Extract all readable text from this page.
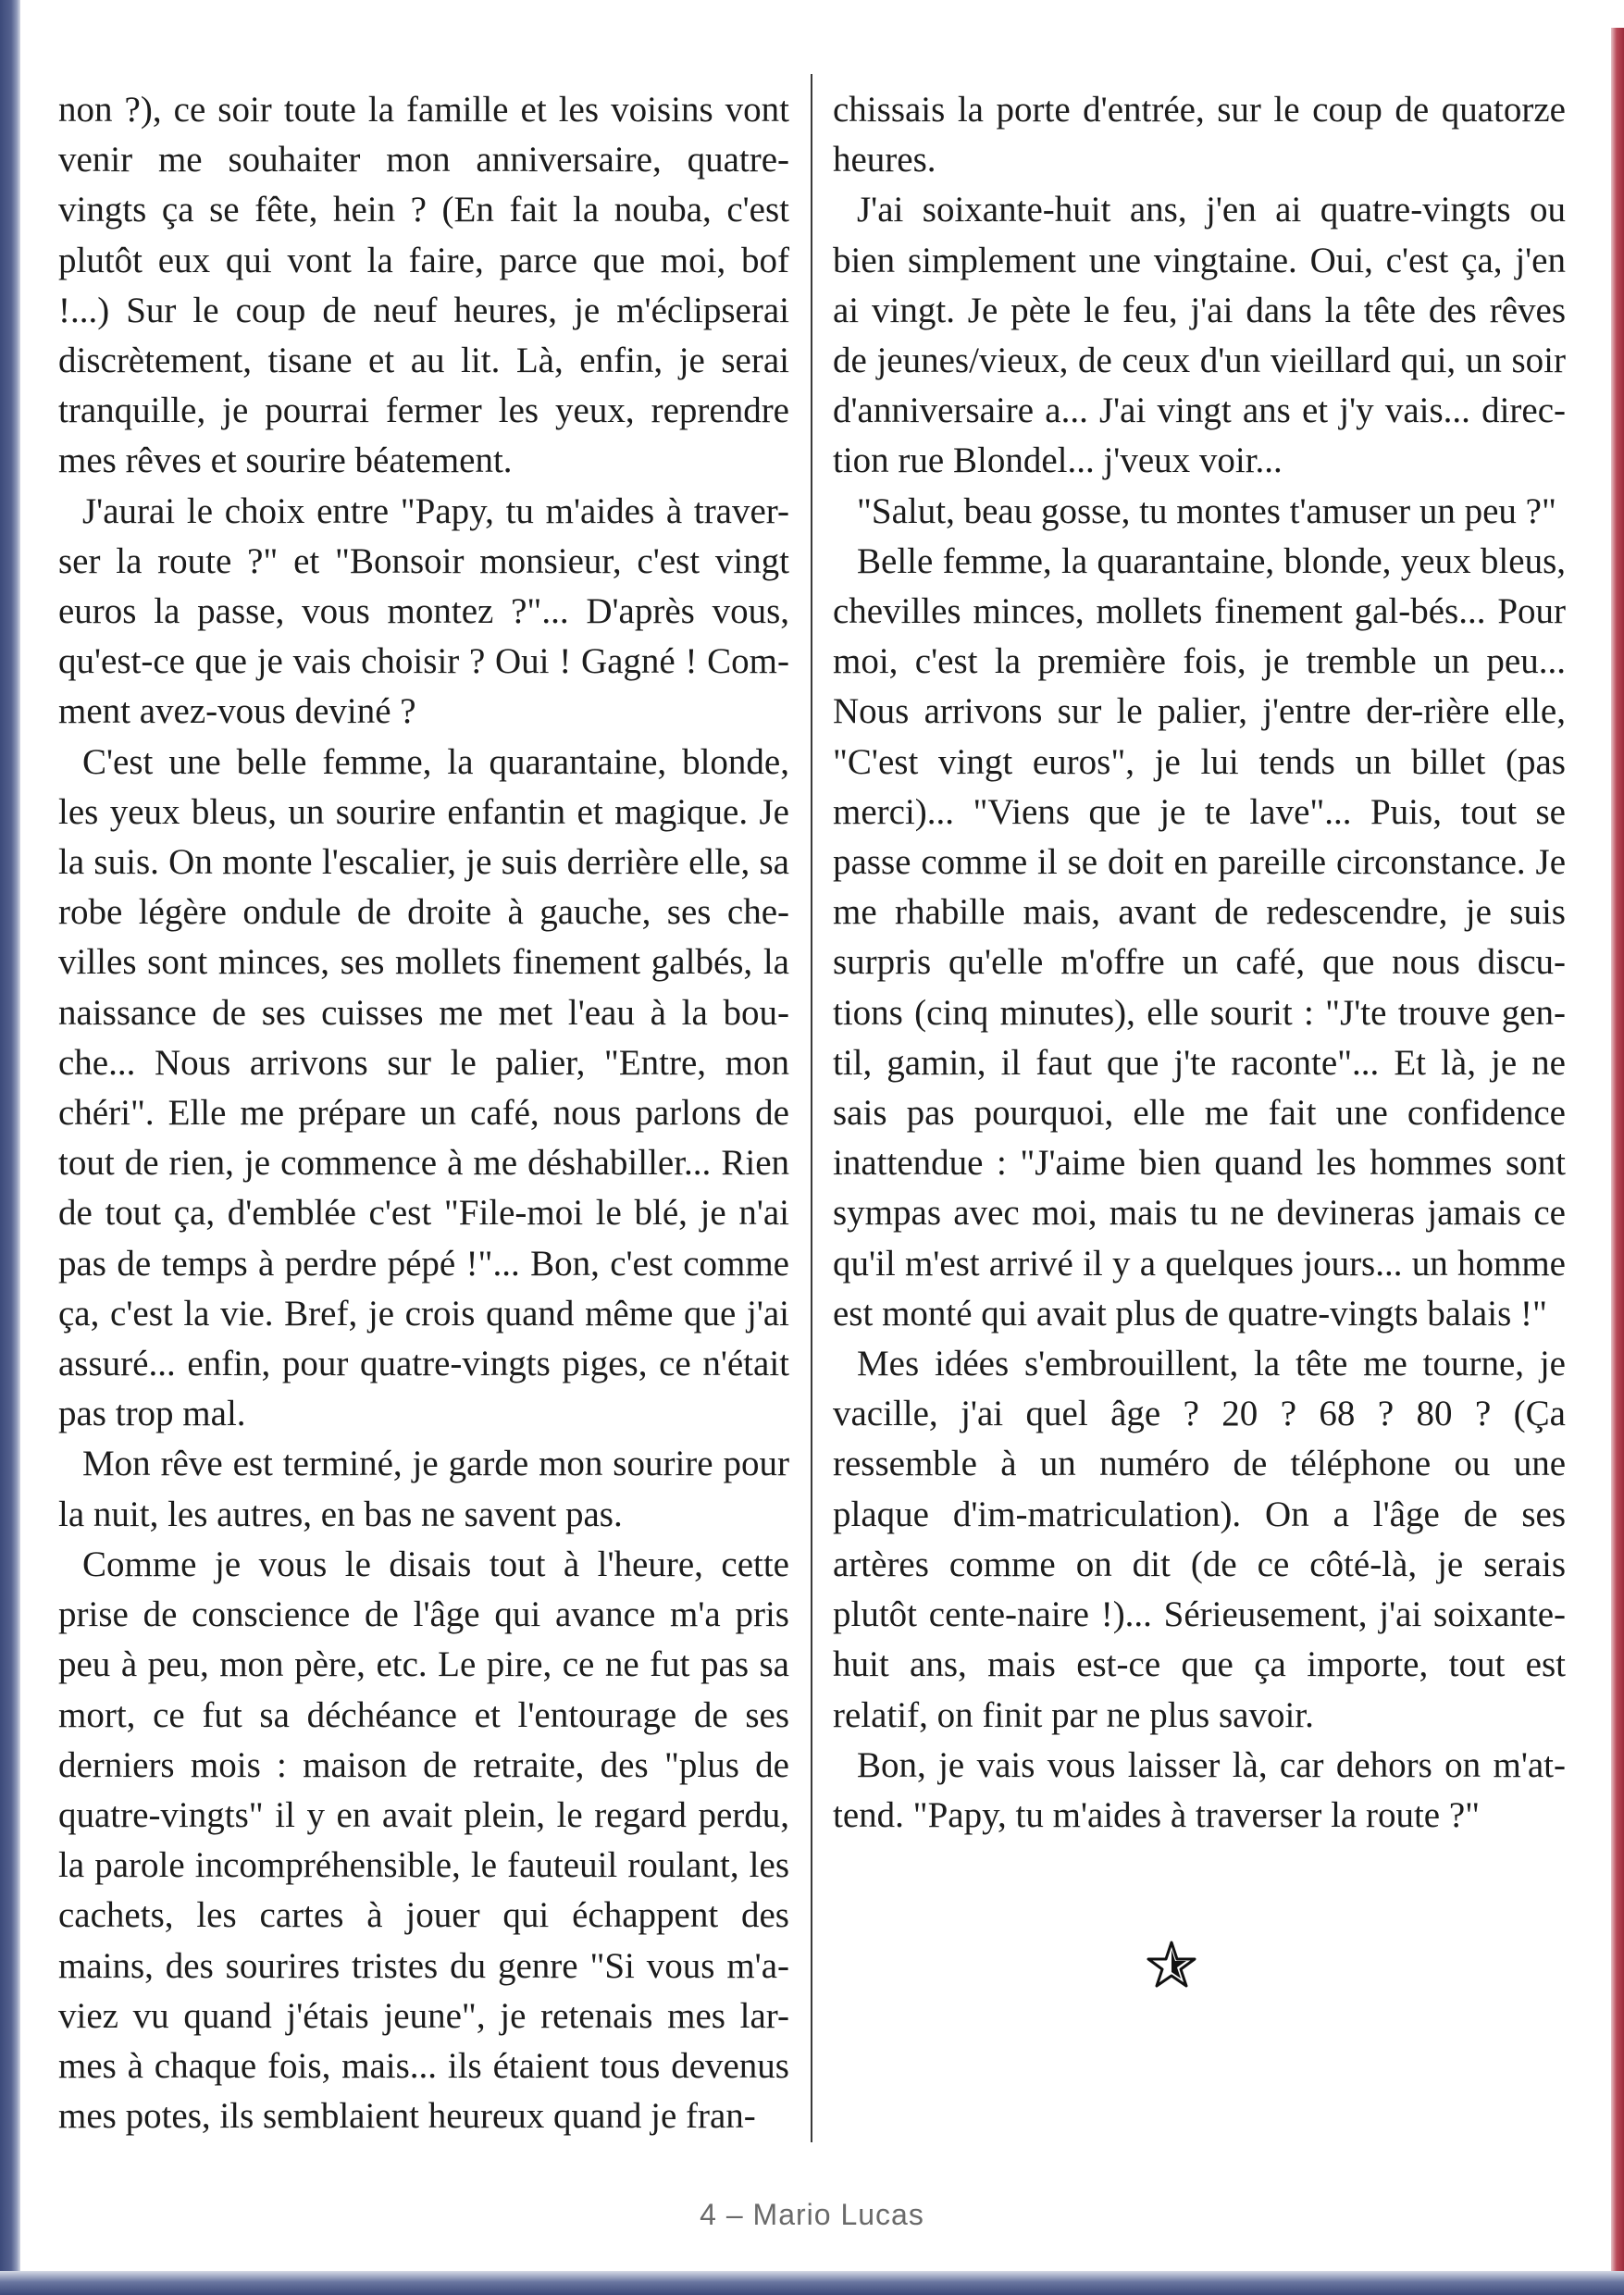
non ?), ce soir toute la famille et les voisins vont venir me souhaiter mon anniversaire, quatre-vingts ça se fête, hein ? (En fait la nouba, c'est plutôt eux qui vont la faire, parce que moi, bof !...) Sur le coup de neuf heures, je m'éclipserai discrètement, tisane et au lit. Là, enfin, je serai tranquille, je pourrai fermer les yeux, reprendre mes rêves et sourire béatement.

J'aurai le choix entre "Papy, tu m'aides à traver-ser la route ?" et "Bonsoir monsieur, c'est vingt euros la passe, vous montez ?"... D'après vous, qu'est-ce que je vais choisir ? Oui ! Gagné ! Com-ment avez-vous deviné ?

C'est une belle femme, la quarantaine, blonde, les yeux bleus, un sourire enfantin et magique. Je la suis. On monte l'escalier, je suis derrière elle, sa robe légère ondule de droite à gauche, ses che-villes sont minces, ses mollets finement galbés, la naissance de ses cuisses me met l'eau à la bou-che... Nous arrivons sur le palier, "Entre, mon chéri". Elle me prépare un café, nous parlons de tout de rien, je commence à me déshabiller... Rien de tout ça, d'emblée c'est "File-moi le blé, je n'ai pas de temps à perdre pépé !"... Bon, c'est comme ça, c'est la vie. Bref, je crois quand même que j'ai assuré... enfin, pour quatre-vingts piges, ce n'était pas trop mal.

Mon rêve est terminé, je garde mon sourire pour la nuit, les autres, en bas ne savent pas.

Comme je vous le disais tout à l'heure, cette prise de conscience de l'âge qui avance m'a pris peu à peu, mon père, etc. Le pire, ce ne fut pas sa mort, ce fut sa déchéance et l'entourage de ses derniers mois : maison de retraite, des "plus de quatre-vingts" il y en avait plein, le regard perdu, la parole incompréhensible, le fauteuil roulant, les cachets, les cartes à jouer qui échappent des mains, des sourires tristes du genre "Si vous m'a-viez vu quand j'étais jeune", je retenais mes lar-mes à chaque fois, mais... ils étaient tous devenus mes potes, ils semblaient heureux quand je fran-

chissais la porte d'entrée, sur le coup de quatorze heures.

J'ai soixante-huit ans, j'en ai quatre-vingts ou bien simplement une vingtaine. Oui, c'est ça, j'en ai vingt. Je pète le feu, j'ai dans la tête des rêves de jeunes/vieux, de ceux d'un vieillard qui, un soir d'anniversaire a... J'ai vingt ans et j'y vais... direc-tion rue Blondel... j'veux voir...

"Salut, beau gosse, tu montes t'amuser un peu ?"

Belle femme, la quarantaine, blonde, yeux bleus, chevilles minces, mollets finement gal-bés... Pour moi, c'est la première fois, je tremble un peu... Nous arrivons sur le palier, j'entre der-rière elle, "C'est vingt euros", je lui tends un billet (pas merci)... "Viens que je te lave"... Puis, tout se passe comme il se doit en pareille circonstance. Je me rhabille mais, avant de redescendre, je suis surpris qu'elle m'offre un café, que nous discu-tions (cinq minutes), elle sourit : "J'te trouve gen-til, gamin, il faut que j'te raconte"... Et là, je ne sais pas pourquoi, elle me fait une confidence inattendue : "J'aime bien quand les hommes sont sympas avec moi, mais tu ne devineras jamais ce qu'il m'est arrivé il y a quelques jours... un homme est monté qui avait plus de quatre-vingts balais !"

Mes idées s'embrouillent, la tête me tourne, je vacille, j'ai quel âge ? 20 ? 68 ? 80 ? (Ça ressemble à un numéro de téléphone ou une plaque d'im-matriculation). On a l'âge de ses artères comme on dit (de ce côté-là, je serais plutôt cente-naire !)... Sérieusement, j'ai soixante-huit ans, mais est-ce que ça importe, tout est relatif, on finit par ne plus savoir.

Bon, je vais vous laisser là, car dehors on m'at-tend. "Papy, tu m'aides à traverser la route ?"

4 – Mario Lucas
